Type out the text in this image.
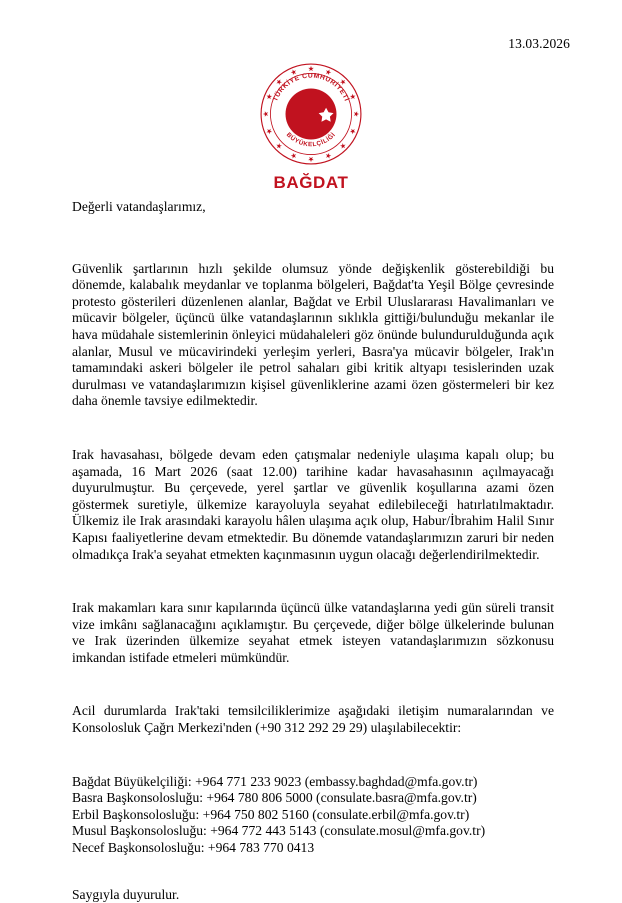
13.03.2026
TÜRKİYE CUMHURİYETİ
BÜYÜKELÇİLİĞİ
BAĞDAT

Değerli vatandaşlarımız,

Güvenlik şartlarının hızlı şekilde olumsuz yönde değişkenlik gösterebildiği bu dönemde, kalabalık meydanlar ve toplanma bölgeleri, Bağdat'ta Yeşil Bölge çevresinde protesto gösterileri düzenlenen alanlar, Bağdat ve Erbil Uluslararası Havalimanları ve mücavir bölgeler, üçüncü ülke vatandaşlarının sıklıkla gittiği/bulunduğu mekanlar ile hava müdahale sistemlerinin önleyici müdahaleleri göz önünde bulundurulduğunda açık alanlar, Musul ve mücavirindeki yerleşim yerleri, Basra'ya mücavir bölgeler, Irak'ın tamamındaki askeri bölgeler ile petrol sahaları gibi kritik altyapı tesislerinden uzak durulması ve vatandaşlarımızın kişisel güvenliklerine azami özen göstermeleri bir kez daha önemle tavsiye edilmektedir.

Irak havasahası, bölgede devam eden çatışmalar nedeniyle ulaşıma kapalı olup; bu aşamada, 16 Mart 2026 (saat 12.00) tarihine kadar havasahasının açılmayacağı duyurulmuştur. Bu çerçevede, yerel şartlar ve güvenlik koşullarına azami özen göstermek suretiyle, ülkemize karayoluyla seyahat edilebileceği hatırlatılmaktadır. Ülkemiz ile Irak arasındaki karayolu hâlen ulaşıma açık olup, Habur/İbrahim Halil Sınır Kapısı faaliyetlerine devam etmektedir. Bu dönemde vatandaşlarımızın zaruri bir neden olmadıkça Irak'a seyahat etmekten kaçınmasının uygun olacağı değerlendirilmektedir.

Irak makamları kara sınır kapılarında üçüncü ülke vatandaşlarına yedi gün süreli transit vize imkânı sağlanacağını açıklamıştır. Bu çerçevede, diğer bölge ülkelerinde bulunan ve Irak üzerinden ülkemize seyahat etmek isteyen vatandaşlarımızın sözkonusu imkandan istifade etmeleri mümkündür.

Acil durumlarda Irak'taki temsilciliklerimize aşağıdaki iletişim numaralarından ve Konsolosluk Çağrı Merkezi'nden (+90 312 292 29 29) ulaşılabilecektir:

Bağdat Büyükelçiliği: +964 771 233 9023 (embassy.baghdad@mfa.gov.tr)
Basra Başkonsolosluğu: +964 780 806 5000 (consulate.basra@mfa.gov.tr)
Erbil Başkonsolosluğu: +964 750 802 5160 (consulate.erbil@mfa.gov.tr)
Musul Başkonsolosluğu: +964 772 443 5143 (consulate.mosul@mfa.gov.tr)
Necef Başkonsolosluğu: +964 783 770 0413

Saygıyla duyurulur.
